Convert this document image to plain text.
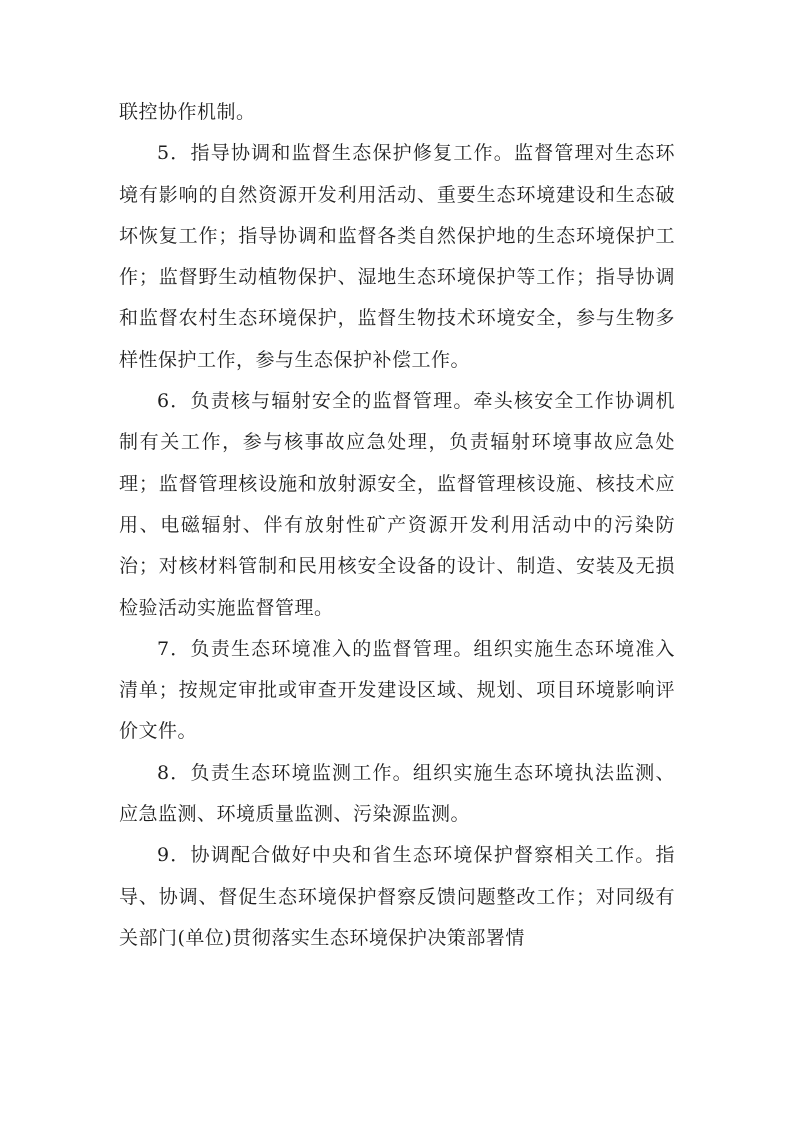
联控协作机制。

5．指导协调和监督生态保护修复工作。监督管理对生态环境有影响的自然资源开发利用活动、重要生态环境建设和生态破坏恢复工作；指导协调和监督各类自然保护地的生态环境保护工作；监督野生动植物保护、湿地生态环境保护等工作；指导协调和监督农村生态环境保护，监督生物技术环境安全，参与生物多样性保护工作，参与生态保护补偿工作。

6．负责核与辐射安全的监督管理。牵头核安全工作协调机制有关工作，参与核事故应急处理，负责辐射环境事故应急处理；监督管理核设施和放射源安全，监督管理核设施、核技术应用、电磁辐射、伴有放射性矿产资源开发利用活动中的污染防治；对核材料管制和民用核安全设备的设计、制造、安装及无损检验活动实施监督管理。

7．负责生态环境准入的监督管理。组织实施生态环境准入清单；按规定审批或审查开发建设区域、规划、项目环境影响评价文件。

8．负责生态环境监测工作。组织实施生态环境执法监测、应急监测、环境质量监测、污染源监测。

9．协调配合做好中央和省生态环境保护督察相关工作。指导、协调、督促生态环境保护督察反馈问题整改工作；对同级有关部门(单位)贯彻落实生态环境保护决策部署情
